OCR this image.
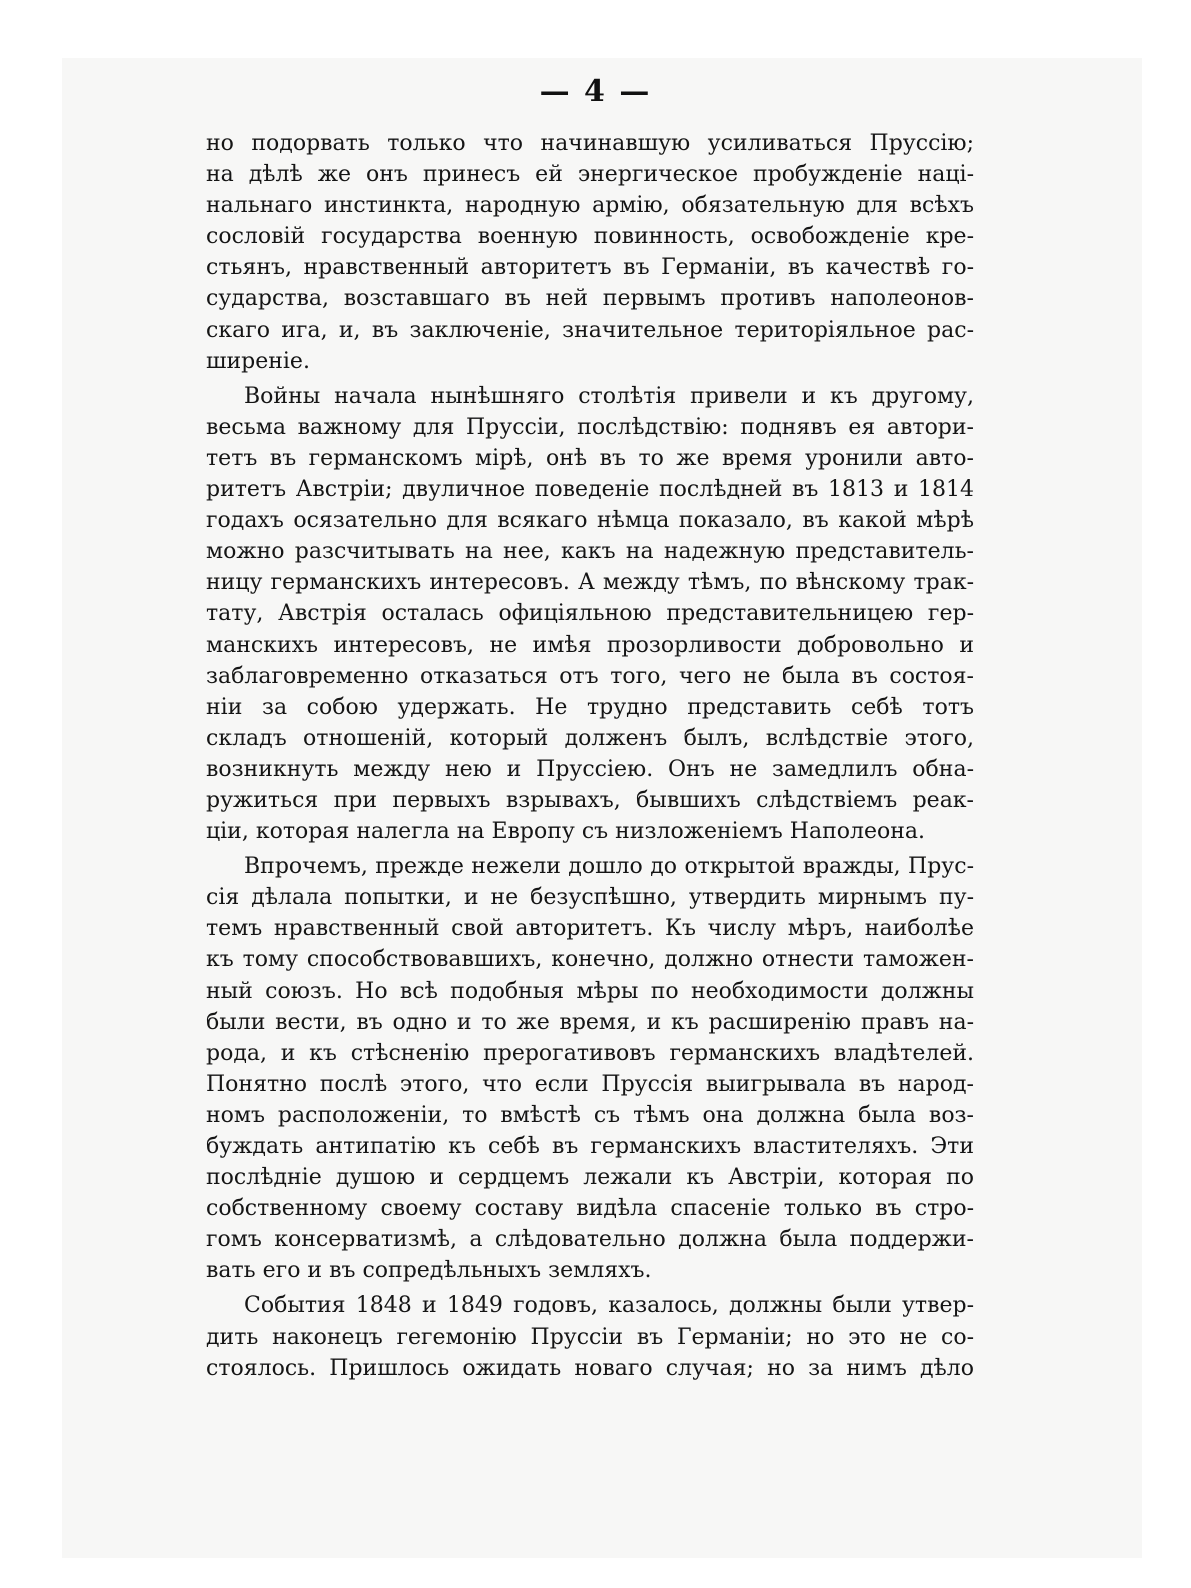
— 4 —
но подорвать только что начинавшую усиливаться Пруссію;
на дѣлѣ же онъ принесъ ей энергическое пробужденіе наці-
нальнаго инстинкта, народную армію, обязательную для всѣхъ
сословій государства военную повинность, освобожденіе кре-
стьянъ, нравственный авторитетъ въ Германіи, въ качествѣ го-
сударства, возставшаго въ ней первымъ противъ наполеонов-
скаго ига, и, въ заключеніе, значительное територіяльное рас-
ширеніе.
Войны начала нынѣшняго столѣтія привели и къ другому,
весьма важному для Пруссіи, послѣдствію: поднявъ ея автори-
тетъ въ германскомъ мірѣ, онѣ въ то же время уронили авто-
ритетъ Австріи; двуличное поведеніе послѣдней въ 1813 и 1814
годахъ осязательно для всякаго нѣмца показало, въ какой мѣрѣ
можно разсчитывать на нее, какъ на надежную представитель-
ницу германскихъ интересовъ. А между тѣмъ, по вѣнскому трак-
тату, Австрія осталась офиціяльною представительницею гер-
манскихъ интересовъ, не имѣя прозорливости добровольно и
заблаговременно отказаться отъ того, чего не была въ состоя-
ніи за собою удержать. Не трудно представить себѣ тотъ
складъ отношеній, который долженъ былъ, вслѣдствіе этого,
возникнуть между нею и Пруссіею. Онъ не замедлилъ обна-
ружиться при первыхъ взрывахъ, бывшихъ слѣдствіемъ реак-
ціи, которая налегла на Европу съ низложеніемъ Наполеона.
Впрочемъ, прежде нежели дошло до открытой вражды, Прус-
сія дѣлала попытки, и не безуспѣшно, утвердить мирнымъ пу-
темъ нравственный свой авторитетъ. Къ числу мѣръ, наиболѣе
къ тому способствовавшихъ, конечно, должно отнести таможен-
ный союзъ. Но всѣ подобныя мѣры по необходимости должны
были вести, въ одно и то же время, и къ расширенію правъ на-
рода, и къ стѣсненію прерогативовъ германскихъ владѣтелей.
Понятно послѣ этого, что если Пруссія выигрывала въ народ-
номъ расположеніи, то вмѣстѣ съ тѣмъ она должна была воз-
буждать антипатію къ себѣ въ германскихъ властителяхъ. Эти
послѣдніе душою и сердцемъ лежали къ Австріи, которая по
собственному своему составу видѣла спасеніе только въ стро-
гомъ консерватизмѣ, а слѣдовательно должна была поддержи-
вать его и въ сопредѣльныхъ земляхъ.
События 1848 и 1849 годовъ, казалось, должны были утвер-
дить наконецъ гегемонію Пруссіи въ Германіи; но это не со-
стоялось. Пришлось ожидать новаго случая; но за нимъ дѣло
